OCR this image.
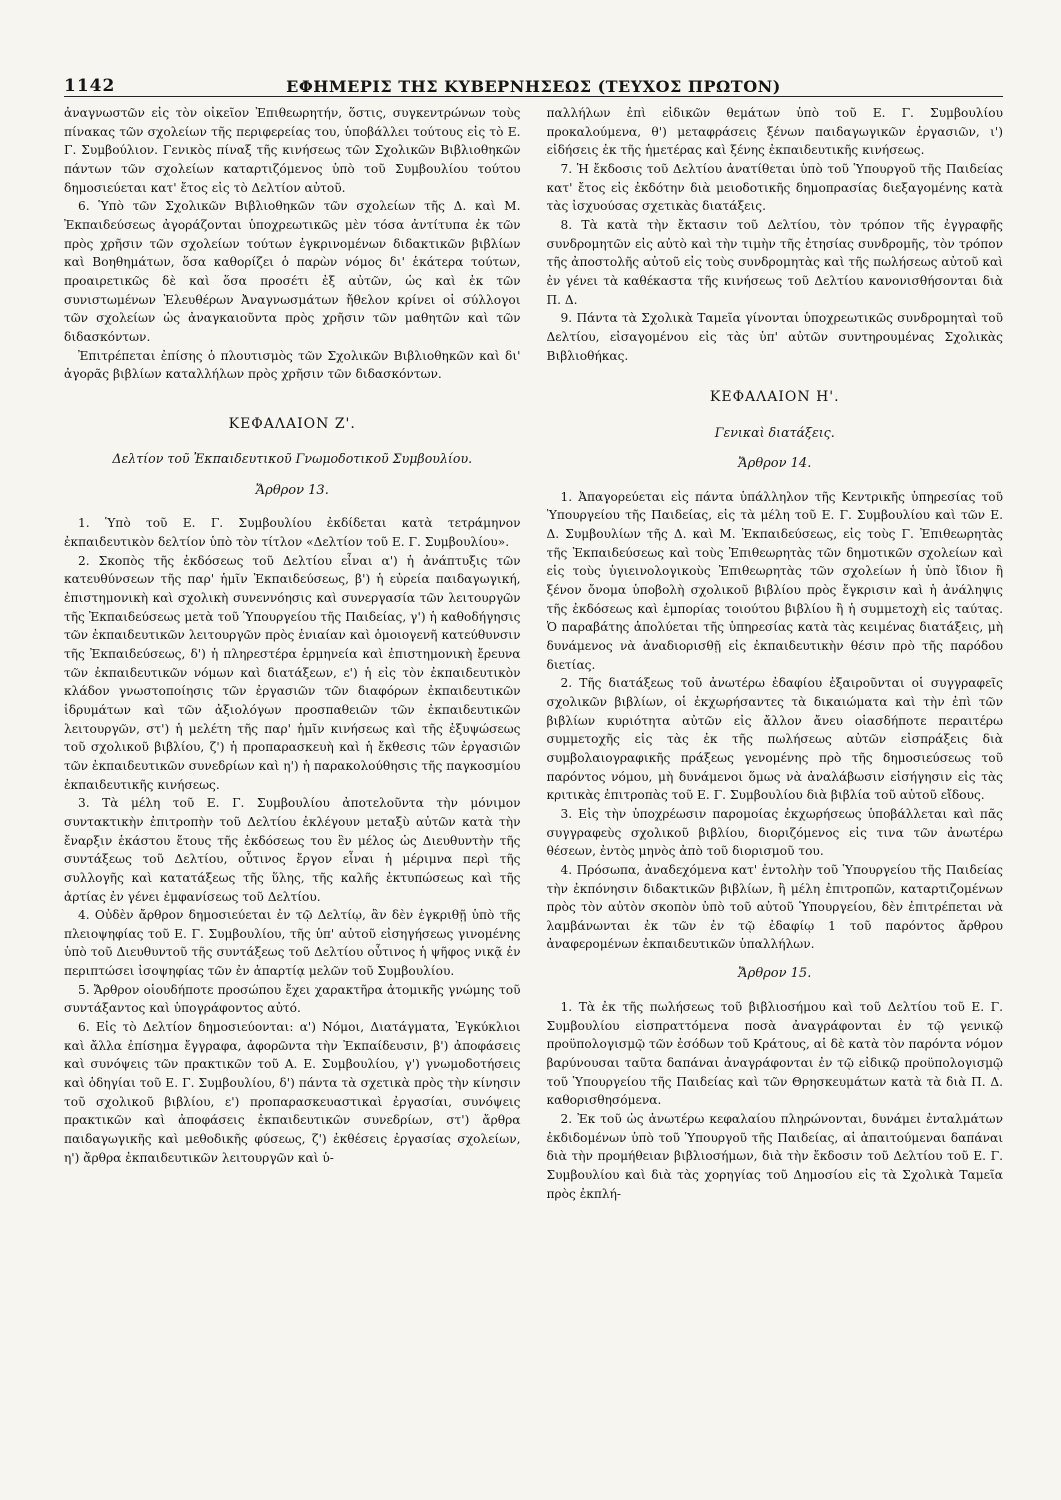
1142	ΕΦΗΜΕΡΙΣ ΤΗΣ ΚΥΒΕΡΝΗΣΕΩΣ (ΤΕΥΧΟΣ ΠΡΩΤΟΝ)

ἀναγνωστῶν εἰς τὸν οἰκεῖον Ἐπιθεωρητήν, ὅστις, συγκεντρώνων τοὺς πίνακας τῶν σχολείων τῆς περιφερείας του, ὑποβάλλει τούτους εἰς τὸ Ε. Γ. Συμβούλιον. Γενικὸς πίναξ τῆς κινήσεως τῶν Σχολικῶν Βιβλιοθηκῶν πάντων τῶν σχολείων καταρτιζόμενος ὑπὸ τοῦ Συμβουλίου τούτου δημοσιεύεται κατ' ἔτος εἰς τὸ Δελτίον αὐτοῦ.

6. Ὑπὸ τῶν Σχολικῶν Βιβλιοθηκῶν τῶν σχολείων τῆς Δ. καὶ Μ. Ἐκπαιδεύσεως ἀγοράζονται ὑποχρεωτικῶς μὲν τόσα ἀντίτυπα ἐκ τῶν πρὸς χρῆσιν τῶν σχολείων τούτων ἐγκρινομένων διδακτικῶν βιβλίων καὶ Βοηθημάτων, ὅσα καθορίζει ὁ παρὼν νόμος δι' ἑκάτερα τούτων, προαιρετικῶς δὲ καὶ ὅσα προσέτι ἐξ αὐτῶν, ὡς καὶ ἐκ τῶν συνιστωμένων Ἐλευθέρων Ἀναγνωσμάτων ἤθελον κρίνει οἱ σύλλογοι τῶν σχολείων ὡς ἀναγκαιοῦντα πρὸς χρῆσιν τῶν μαθητῶν καὶ τῶν διδασκόντων.

Ἐπιτρέπεται ἐπίσης ὁ πλουτισμὸς τῶν Σχολικῶν Βιβλιοθηκῶν καὶ δι' ἀγορᾶς βιβλίων καταλλήλων πρὸς χρῆσιν τῶν διδασκόντων.

ΚΕΦΑΛΑΙΟΝ Ζ'.
Δελτίον τοῦ Ἐκπαιδευτικοῦ Γνωμοδοτικοῦ Συμβουλίου.
Ἄρθρον 13.

1. Ὑπὸ τοῦ Ε. Γ. Συμβουλίου ἐκδίδεται κατὰ τετράμηνον ἐκπαιδευτικὸν δελτίον ὑπὸ τὸν τίτλον «Δελτίον τοῦ Ε. Γ. Συμβουλίου».

2. Σκοπὸς τῆς ἐκδόσεως τοῦ Δελτίου εἶναι α') ἡ ἀνάπτυξις τῶν κατευθύνσεων τῆς παρ' ἡμῖν Ἐκπαιδεύσεως, β') ἡ εὐρεία παιδαγωγική, ἐπιστημονικὴ καὶ σχολικὴ συνεννόησις καὶ συνεργασία τῶν λειτουργῶν τῆς Ἐκπαιδεύσεως μετὰ τοῦ Ὑπουργείου τῆς Παιδείας, γ') ἡ καθοδήγησις τῶν ἐκπαιδευτικῶν λειτουργῶν πρὸς ἑνιαίαν καὶ ὁμοιογενῆ κατεύθυνσιν τῆς Ἐκπαιδεύσεως, δ') ἡ πληρεστέρα ἑρμηνεία καὶ ἐπιστημονικὴ ἔρευνα τῶν ἐκπαιδευτικῶν νόμων καὶ διατάξεων, ε') ἡ εἰς τὸν ἐκπαιδευτικὸν κλάδον γνωστοποίησις τῶν ἐργασιῶν τῶν διαφόρων ἐκπαιδευτικῶν ἱδρυμάτων καὶ τῶν ἀξιολόγων προσπαθειῶν τῶν ἐκπαιδευτικῶν λειτουργῶν, στ') ἡ μελέτη τῆς παρ' ἡμῖν κινήσεως καὶ τῆς ἐξυψώσεως τοῦ σχολικοῦ βιβλίου, ζ') ἡ προπαρασκευὴ καὶ ἡ ἔκθεσις τῶν ἐργασιῶν τῶν ἐκπαιδευτικῶν συνεδρίων καὶ η') ἡ παρακολούθησις τῆς παγκοσμίου ἐκπαιδευτικῆς κινήσεως.

3. Τὰ μέλη τοῦ Ε. Γ. Συμβουλίου ἀποτελοῦντα τὴν μόνιμον συντακτικὴν ἐπιτροπὴν τοῦ Δελτίου ἐκλέγουν μεταξὺ αὐτῶν κατὰ τὴν ἔναρξιν ἑκάστου ἔτους τῆς ἐκδόσεως του ἓν μέλος ὡς Διευθυντὴν τῆς συντάξεως τοῦ Δελτίου, οὗτινος ἔργον εἶναι ἡ μέριμνα περὶ τῆς συλλογῆς καὶ κατατάξεως τῆς ὕλης, τῆς καλῆς ἐκτυπώσεως καὶ τῆς ἀρτίας ἐν γένει ἐμφανίσεως τοῦ Δελτίου.

4. Οὐδὲν ἄρθρον δημοσιεύεται ἐν τῷ Δελτίῳ, ἂν δὲν ἐγκριθῇ ὑπὸ τῆς πλειοψηφίας τοῦ Ε. Γ. Συμβουλίου, τῆς ὑπ' αὐτοῦ εἰσηγήσεως γινομένης ὑπὸ τοῦ Διευθυντοῦ τῆς συντάξεως τοῦ Δελτίου οὗτινος ἡ ψῆφος νικᾷ ἐν περιπτώσει ἰσοψηφίας τῶν ἐν ἀπαρτίᾳ μελῶν τοῦ Συμβουλίου.

5. Ἄρθρον οἱουδήποτε προσώπου ἔχει χαρακτῆρα ἀτομικῆς γνώμης τοῦ συντάξαντος καὶ ὑπογράφοντος αὐτό.

6. Εἰς τὸ Δελτίον δημοσιεύονται: α') Νόμοι, Διατάγματα, Ἐγκύκλιοι καὶ ἄλλα ἐπίσημα ἔγγραφα, ἀφορῶντα τὴν Ἐκπαίδευσιν, β') ἀποφάσεις καὶ συνόψεις τῶν πρακτικῶν τοῦ Α. Ε. Συμβουλίου, γ') γνωμοδοτήσεις καὶ ὁδηγίαι τοῦ Ε. Γ. Συμβουλίου, δ') πάντα τὰ σχετικὰ πρὸς τὴν κίνησιν τοῦ σχολικοῦ βιβλίου, ε') προπαρασκευαστικαὶ ἐργασίαι, συνόψεις πρακτικῶν καὶ ἀποφάσεις ἐκπαιδευτικῶν συνεδρίων, στ') ἄρθρα παιδαγωγικῆς καὶ μεθοδικῆς φύσεως, ζ') ἐκθέσεις ἐργασίας σχολείων, η') ἄρθρα ἐκπαιδευτικῶν λειτουργῶν καὶ ὑ-

παλλήλων ἐπὶ εἰδικῶν θεμάτων ὑπὸ τοῦ Ε. Γ. Συμβουλίου προκαλούμενα, θ') μεταφράσεις ξένων παιδαγωγικῶν ἐργασιῶν, ι') εἰδήσεις ἐκ τῆς ἡμετέρας καὶ ξένης ἐκπαιδευτικῆς κινήσεως.

7. Ἡ ἔκδοσις τοῦ Δελτίου ἀνατίθεται ὑπὸ τοῦ Ὑπουργοῦ τῆς Παιδείας κατ' ἔτος εἰς ἐκδότην διὰ μειοδοτικῆς δημοπρασίας διεξαγομένης κατὰ τὰς ἰσχυούσας σχετικὰς διατάξεις.

8. Τὰ κατὰ τὴν ἔκτασιν τοῦ Δελτίου, τὸν τρόπον τῆς ἐγγραφῆς συνδρομητῶν εἰς αὐτὸ καὶ τὴν τιμὴν τῆς ἐτησίας συνδρομῆς, τὸν τρόπον τῆς ἀποστολῆς αὐτοῦ εἰς τοὺς συνδρομητὰς καὶ τῆς πωλήσεως αὐτοῦ καὶ ἐν γένει τὰ καθέκαστα τῆς κινήσεως τοῦ Δελτίου κανονισθήσονται διὰ Π. Δ.

9. Πάντα τὰ Σχολικὰ Ταμεῖα γίνονται ὑποχρεωτικῶς συνδρομηταὶ τοῦ Δελτίου, εἰσαγομένου εἰς τὰς ὑπ' αὐτῶν συντηρουμένας Σχολικὰς Βιβλιοθήκας.

ΚΕΦΑΛΑΙΟΝ Η'.
Γενικαὶ διατάξεις.
Ἄρθρον 14.

1. Ἀπαγορεύεται εἰς πάντα ὑπάλληλον τῆς Κεντρικῆς ὑπηρεσίας τοῦ Ὑπουργείου τῆς Παιδείας, εἰς τὰ μέλη τοῦ Ε. Γ. Συμβουλίου καὶ τῶν Ε. Δ. Συμβουλίων τῆς Δ. καὶ Μ. Ἐκπαιδεύσεως, εἰς τοὺς Γ. Ἐπιθεωρητὰς τῆς Ἐκπαιδεύσεως καὶ τοὺς Ἐπιθεωρητὰς τῶν δημοτικῶν σχολείων καὶ εἰς τοὺς ὑγιεινολογικοὺς Ἐπιθεωρητὰς τῶν σχολείων ἡ ὑπὸ ἴδιον ἢ ξένον ὄνομα ὑποβολὴ σχολικοῦ βιβλίου πρὸς ἔγκρισιν καὶ ἡ ἀνάληψις τῆς ἐκδόσεως καὶ ἐμπορίας τοιούτου βιβλίου ἢ ἡ συμμετοχὴ εἰς ταύτας. Ὁ παραβάτης ἀπολύεται τῆς ὑπηρεσίας κατὰ τὰς κειμένας διατάξεις, μὴ δυνάμενος νὰ ἀναδιορισθῇ εἰς ἐκπαιδευτικὴν θέσιν πρὸ τῆς παρόδου διετίας.

2. Τῆς διατάξεως τοῦ ἀνωτέρω ἐδαφίου ἐξαιροῦνται οἱ συγγραφεῖς σχολικῶν βιβλίων, οἱ ἐκχωρήσαντες τὰ δικαιώματα καὶ τὴν ἐπὶ τῶν βιβλίων κυριότητα αὐτῶν εἰς ἄλλον ἄνευ οἱασδήποτε περαιτέρω συμμετοχῆς εἰς τὰς ἐκ τῆς πωλήσεως αὐτῶν εἰσπράξεις διὰ συμβολαιογραφικῆς πράξεως γενομένης πρὸ τῆς δημοσιεύσεως τοῦ παρόντος νόμου, μὴ δυνάμενοι ὅμως νὰ ἀναλάβωσιν εἰσήγησιν εἰς τὰς κριτικὰς ἐπιτροπὰς τοῦ Ε. Γ. Συμβουλίου διὰ βιβλία τοῦ αὐτοῦ εἴδους.

3. Εἰς τὴν ὑποχρέωσιν παρομοίας ἐκχωρήσεως ὑποβάλλεται καὶ πᾶς συγγραφεὺς σχολικοῦ βιβλίου, διοριζόμενος εἰς τινα τῶν ἀνωτέρω θέσεων, ἐντὸς μηνὸς ἀπὸ τοῦ διορισμοῦ του.

4. Πρόσωπα, ἀναδεχόμενα κατ' ἐντολὴν τοῦ Ὑπουργείου τῆς Παιδείας τὴν ἐκπόνησιν διδακτικῶν βιβλίων, ἢ μέλη ἐπιτροπῶν, καταρτιζομένων πρὸς τὸν αὐτὸν σκοπὸν ὑπὸ τοῦ αὐτοῦ Ὑπουργείου, δὲν ἐπιτρέπεται νὰ λαμβάνωνται ἐκ τῶν ἐν τῷ ἐδαφίῳ 1 τοῦ παρόντος ἄρθρου ἀναφερομένων ἐκπαιδευτικῶν ὑπαλλήλων.

Ἄρθρον 15.

1. Τὰ ἐκ τῆς πωλήσεως τοῦ βιβλιοσήμου καὶ τοῦ Δελτίου τοῦ Ε. Γ. Συμβουλίου εἰσπραττόμενα ποσὰ ἀναγράφονται ἐν τῷ γενικῷ προϋπολογισμῷ τῶν ἐσόδων τοῦ Κράτους, αἱ δὲ κατὰ τὸν παρόντα νόμον βαρύνουσαι ταῦτα δαπάναι ἀναγράφονται ἐν τῷ εἰδικῷ προϋπολογισμῷ τοῦ Ὑπουργείου τῆς Παιδείας καὶ τῶν Θρησκευμάτων κατὰ τὰ διὰ Π. Δ. καθορισθησόμενα.

2. Ἐκ τοῦ ὡς ἀνωτέρω κεφαλαίου πληρώνονται, δυνάμει ἐνταλμάτων ἐκδιδομένων ὑπὸ τοῦ Ὑπουργοῦ τῆς Παιδείας, αἱ ἀπαιτούμεναι δαπάναι διὰ τὴν προμήθειαν βιβλιοσήμων, διὰ τὴν ἔκδοσιν τοῦ Δελτίου τοῦ Ε. Γ. Συμβουλίου καὶ διὰ τὰς χορηγίας τοῦ Δημοσίου εἰς τὰ Σχολικὰ Ταμεῖα πρὸς ἐκπλή-
